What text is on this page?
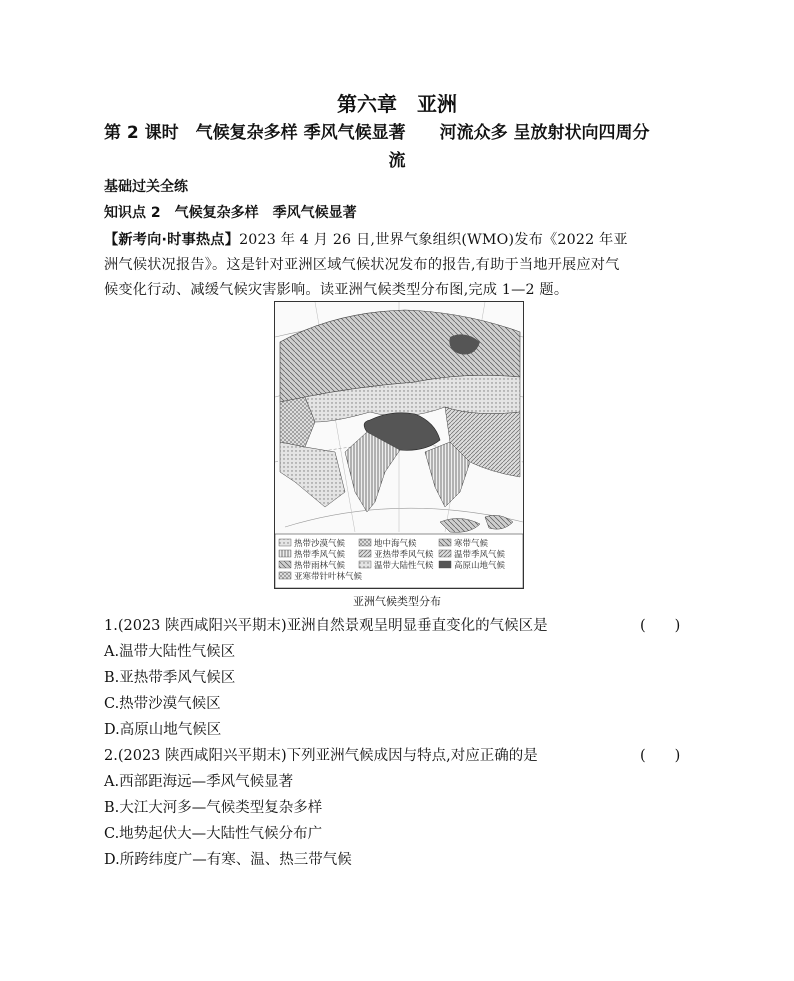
第六章　亚洲
第 2 课时　气候复杂多样 季风气候显著　　河流众多 呈放射状向四周分
流
基础过关全练
知识点 2　气候复杂多样　季风气候显著
【新考向·时事热点】2023 年 4 月 26 日,世界气象组织(WMO)发布《2022 年亚
洲气候状况报告》。这是针对亚洲区域气候状况发布的报告,有助于当地开展应对气
候变化行动、减缓气候灾害影响。读亚洲气候类型分布图,完成 1—2 题。
热带沙漠气候	地中海气候	寒带气候
热带季风气候	亚热带季风气候 温带季风气候
热带雨林气候	温带大陆性气候 高原山地气候
亚寒带针叶林气候
亚洲气候类型分布
1.(2023 陕西咸阳兴平期末)亚洲自然景观呈明显垂直变化的气候区是	(　　)
A.温带大陆性气候区
B.亚热带季风气候区
C.热带沙漠气候区
D.高原山地气候区
2.(2023 陕西咸阳兴平期末)下列亚洲气候成因与特点,对应正确的是	(　　)
A.西部距海远—季风气候显著
B.大江大河多—气候类型复杂多样
C.地势起伏大—大陆性气候分布广
D.所跨纬度广—有寒、温、热三带气候
